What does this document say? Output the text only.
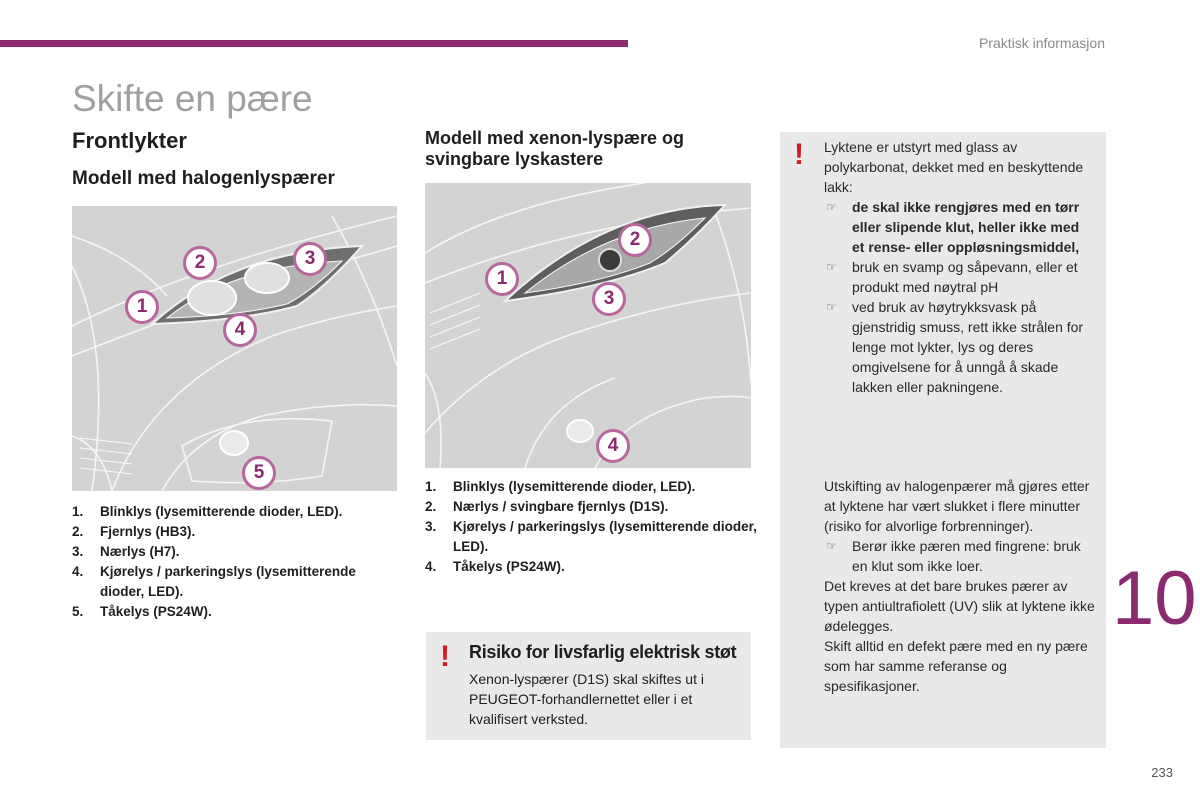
Praktisk informasjon
Skifte en pære
Frontlykter
Modell med halogenlyspærer
Modell med xenon-lyspære og svingbare lyskastere
1
2	3
4
5
1
2
3
4
1. Blinklys (lysemitterende dioder, LED).
2. Fjernlys (HB3).
3. Nærlys (H7).
4. Kjørelys / parkeringslys (lysemitterende dioder, LED).
5. Tåkelys (PS24W).
1. Blinklys (lysemitterende dioder, LED).
2. Nærlys / svingbare fjernlys (D1S).
3. Kjørelys / parkeringslys (lysemitterende dioder, LED).
4. Tåkelys (PS24W).
! Risiko for livsfarlig elektrisk støt
Xenon-lyspærer (D1S) skal skiftes ut i PEUGEOT-forhandlernettet eller i et kvalifisert verksted.
! Lyktene er utstyrt med glass av polykarbonat, dekket med en beskyttende lakk:
☞ de skal ikke rengjøres med en tørr eller slipende klut, heller ikke med et rense- eller oppløsningsmiddel,
☞ bruk en svamp og såpevann, eller et produkt med nøytral pH
☞ ved bruk av høytrykksvask på gjenstridig smuss, rett ikke strålen for lenge mot lykter, lys og deres omgivelsene for å unngå å skade lakken eller pakningene.
Utskifting av halogenpærer må gjøres etter at lyktene har vært slukket i flere minutter (risiko for alvorlige forbrenninger).
☞ Berør ikke pæren med fingrene: bruk en klut som ikke loer.
Det kreves at det bare brukes pærer av typen antiultrafiolett (UV) slik at lyktene ikke ødelegges.
Skift alltid en defekt pære med en ny pære som har samme referanse og spesifikasjoner.
10
233
